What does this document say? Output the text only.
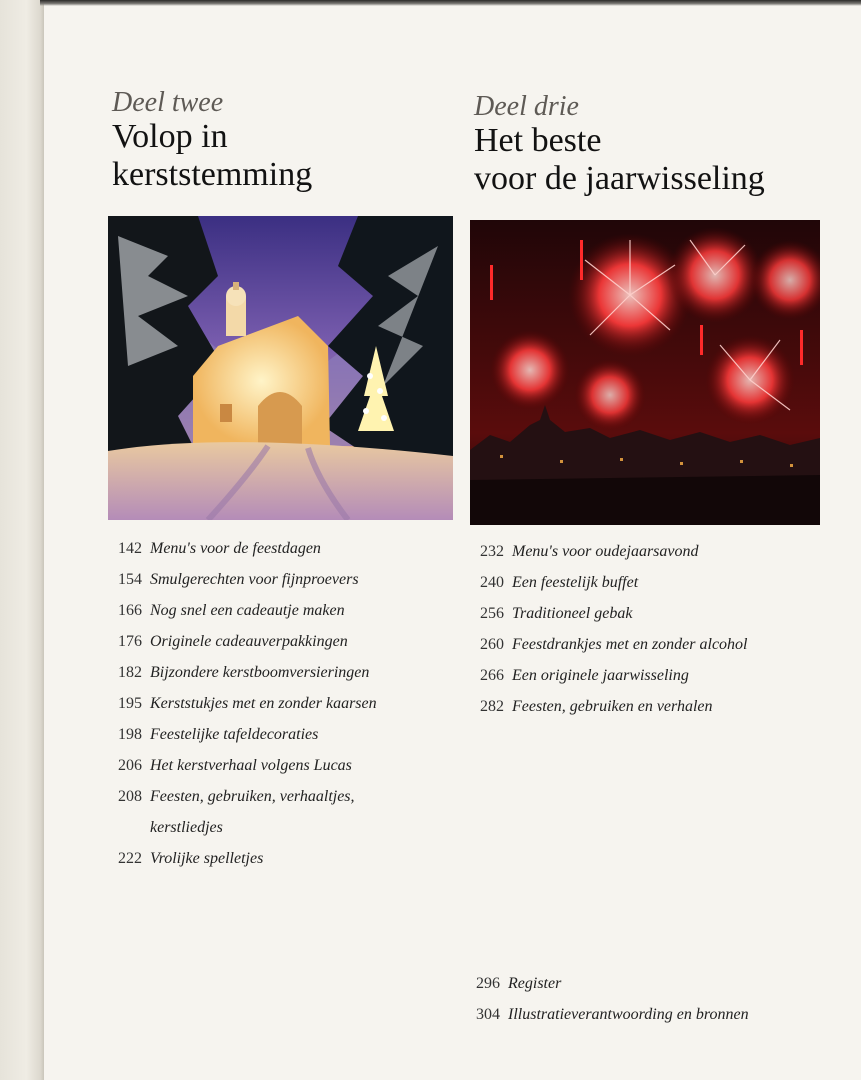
Deel twee
Volop in
kerststemming
Deel drie
Het beste
voor de jaarwisseling
142 Menu's voor de feestdagen
154 Smulgerechten voor fijnproevers
166 Nog snel een cadeautje maken
176 Originele cadeauverpakkingen
182 Bijzondere kerstboomversieringen
195 Kerststukjes met en zonder kaarsen
198 Feestelijke tafeldecoraties
206 Het kerstverhaal volgens Lucas
208 Feesten, gebruiken, verhaaltjes, kerstliedjes
222 Vrolijke spelletjes
232 Menu's voor oudejaarsavond
240 Een feestelijk buffet
256 Traditioneel gebak
260 Feestdrankjes met en zonder alcohol
266 Een originele jaarwisseling
282 Feesten, gebruiken en verhalen
296 Register
304 Illustratieverantwoording en bronnen
